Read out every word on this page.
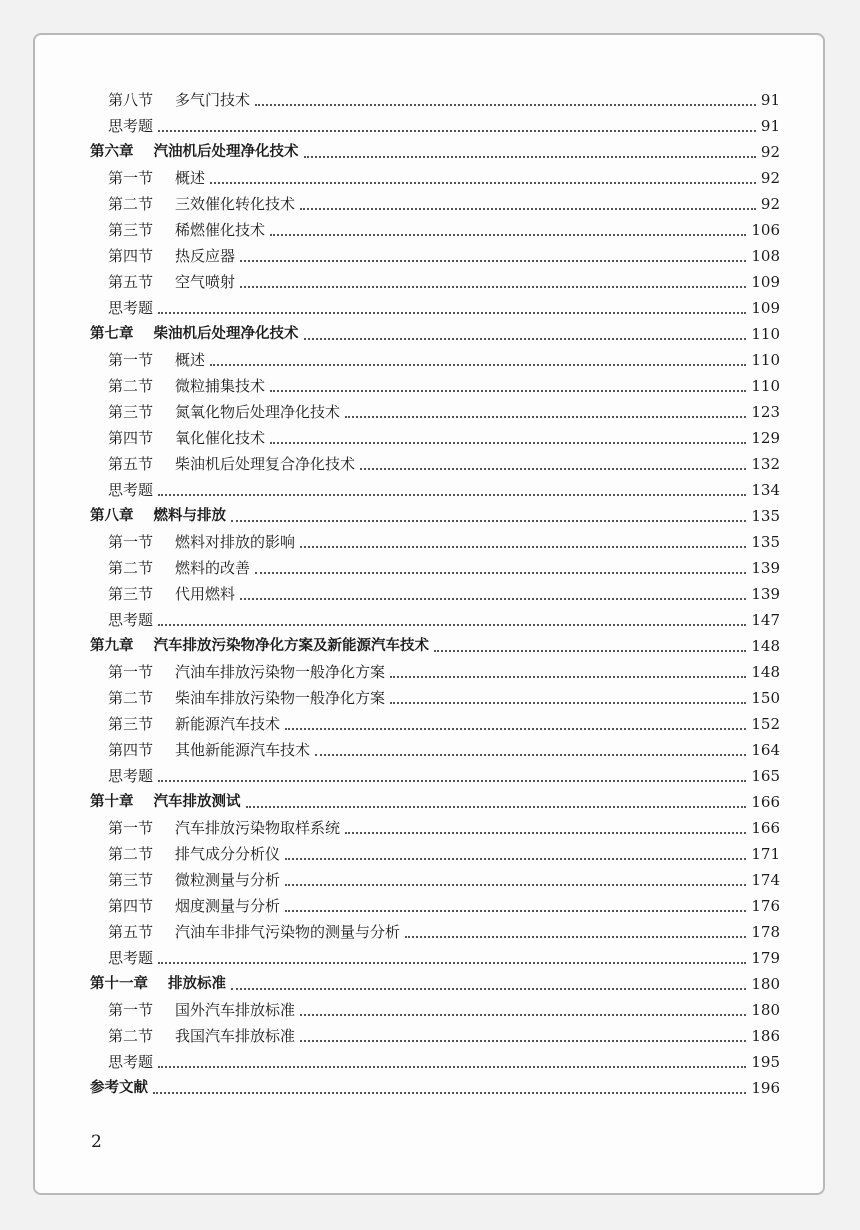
第八节 多气门技术	91
思考题	91
第六章 汽油机后处理净化技术	92
第一节 概述	92
第二节 三效催化转化技术	92
第三节 稀燃催化技术	106
第四节 热反应器	108
第五节 空气喷射	109
思考题	109
第七章 柴油机后处理净化技术	110
第一节 概述	110
第二节 微粒捕集技术	110
第三节 氮氧化物后处理净化技术	123
第四节 氧化催化技术	129
第五节 柴油机后处理复合净化技术	132
思考题	134
第八章 燃料与排放	135
第一节 燃料对排放的影响	135
第二节 燃料的改善	139
第三节 代用燃料	139
思考题	147
第九章 汽车排放污染物净化方案及新能源汽车技术	148
第一节 汽油车排放污染物一般净化方案	148
第二节 柴油车排放污染物一般净化方案	150
第三节 新能源汽车技术	152
第四节 其他新能源汽车技术	164
思考题	165
第十章 汽车排放测试	166
第一节 汽车排放污染物取样系统	166
第二节 排气成分分析仪	171
第三节 微粒测量与分析	174
第四节 烟度测量与分析	176
第五节 汽油车非排气污染物的测量与分析	178
思考题	179
第十一章 排放标准	180
第一节 国外汽车排放标准	180
第二节 我国汽车排放标准	186
思考题	195
参考文献	196
2
